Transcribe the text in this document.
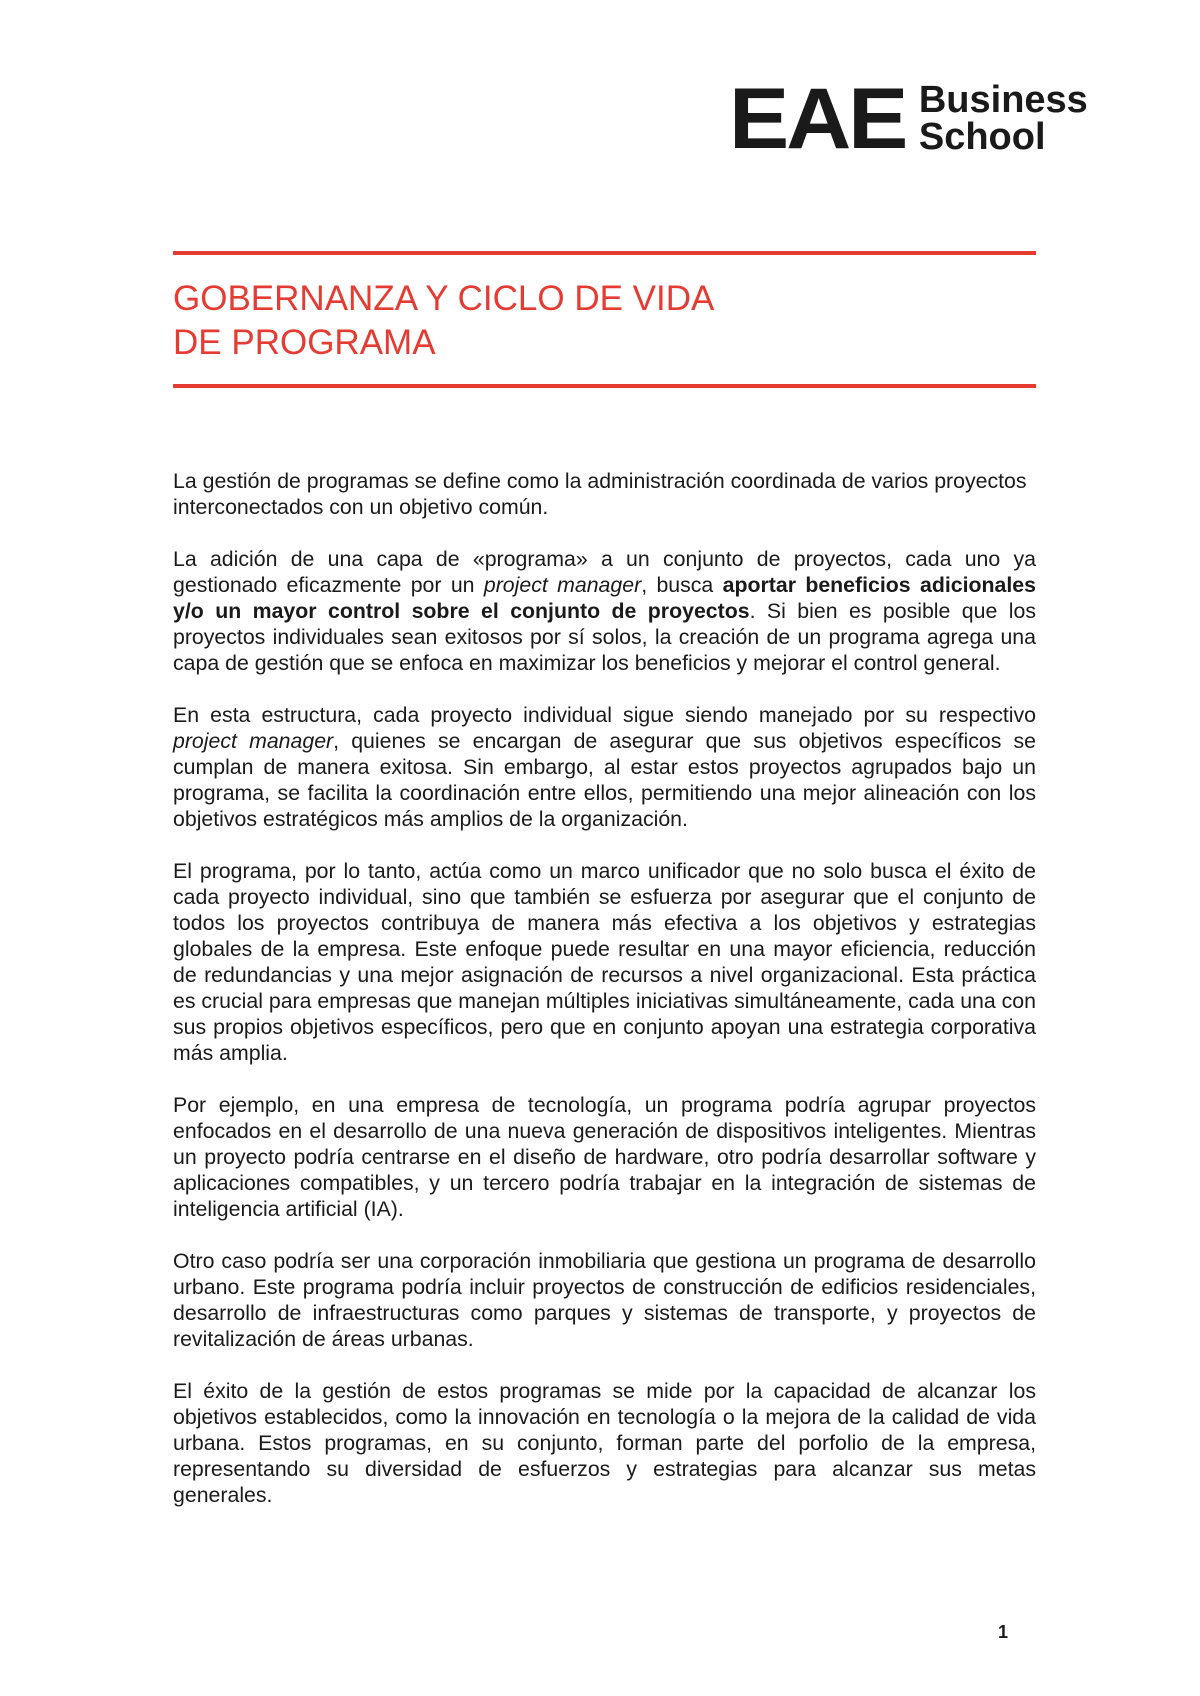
EAE Business
School
GOBERNANZA Y CICLO DE VIDA
DE PROGRAMA

La gestión de programas se define como la administración coordinada de varios proyectos interconectados con un objetivo común.

La adición de una capa de «programa» a un conjunto de proyectos, cada uno ya gestionado eficazmente por un project manager, busca aportar beneficios adicionales y/o un mayor control sobre el conjunto de proyectos. Si bien es posible que los proyectos individuales sean exitosos por sí solos, la creación de un programa agrega una capa de gestión que se enfoca en maximizar los beneficios y mejorar el control general.

En esta estructura, cada proyecto individual sigue siendo manejado por su respectivo project manager, quienes se encargan de asegurar que sus objetivos específicos se cumplan de manera exitosa. Sin embargo, al estar estos proyectos agrupados bajo un programa, se facilita la coordinación entre ellos, permitiendo una mejor alineación con los objetivos estratégicos más amplios de la organización.

El programa, por lo tanto, actúa como un marco unificador que no solo busca el éxito de cada proyecto individual, sino que también se esfuerza por asegurar que el conjunto de todos los proyectos contribuya de manera más efectiva a los objetivos y estrategias globales de la empresa. Este enfoque puede resultar en una mayor eficiencia, reducción de redundancias y una mejor asignación de recursos a nivel organizacional. Esta práctica es crucial para empresas que manejan múltiples iniciativas simultáneamente, cada una con sus propios objetivos específicos, pero que en conjunto apoyan una estrategia corporativa más amplia.

Por ejemplo, en una empresa de tecnología, un programa podría agrupar proyectos enfocados en el desarrollo de una nueva generación de dispositivos inteligentes. Mientras un proyecto podría centrarse en el diseño de hardware, otro podría desarrollar software y aplicaciones compatibles, y un tercero podría trabajar en la integración de sistemas de inteligencia artificial (IA).

Otro caso podría ser una corporación inmobiliaria que gestiona un programa de desarrollo urbano. Este programa podría incluir proyectos de construcción de edificios residenciales, desarrollo de infraestructuras como parques y sistemas de transporte, y proyectos de revitalización de áreas urbanas.

El éxito de la gestión de estos programas se mide por la capacidad de alcanzar los objetivos establecidos, como la innovación en tecnología o la mejora de la calidad de vida urbana. Estos programas, en su conjunto, forman parte del porfolio de la empresa, representando su diversidad de esfuerzos y estrategias para alcanzar sus metas generales.

1
